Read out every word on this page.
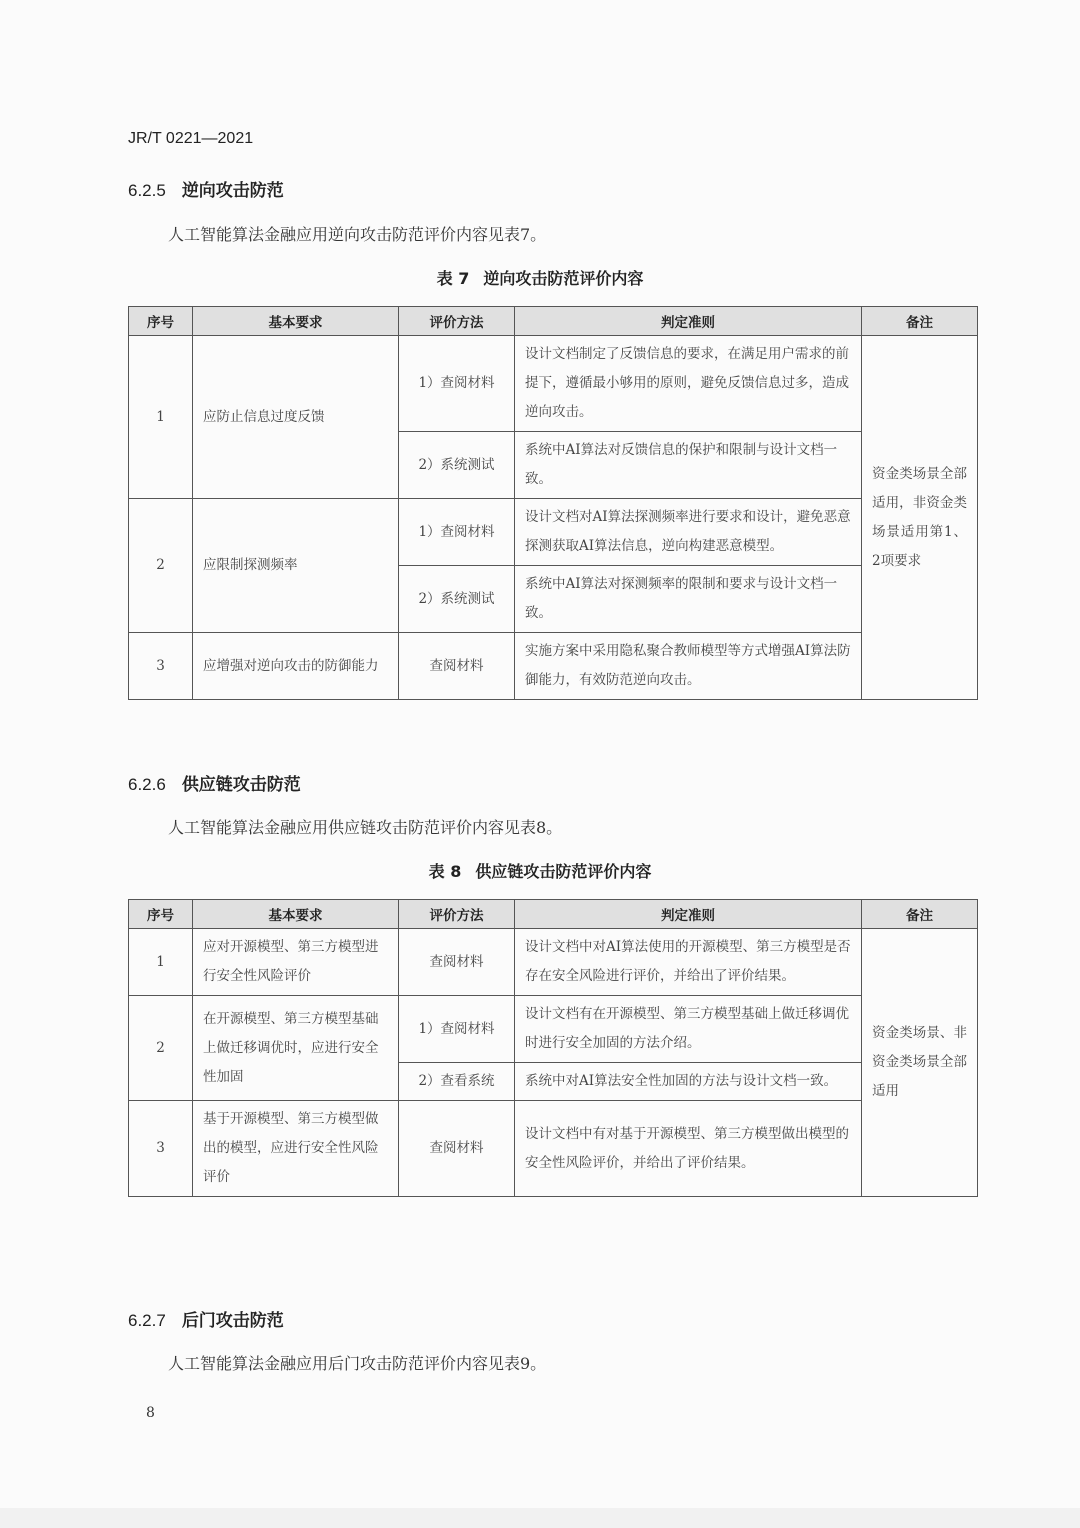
JR/T 0221—2021
6.2.5 逆向攻击防范
人工智能算法金融应用逆向攻击防范评价内容见表7。
表 7 逆向攻击防范评价内容
序号	基本要求	评价方法	判定准则	备注
1	应防止信息过度反馈	1）查阅材料	设计文档制定了反馈信息的要求，在满足用户需求的前提下，遵循最小够用的原则，避免反馈信息过多，造成逆向攻击。	资金类场景全部适用，非资金类场景适用第1、2项要求
		2）系统测试	系统中AI算法对反馈信息的保护和限制与设计文档一致。	
2	应限制探测频率	1）查阅材料	设计文档对AI算法探测频率进行要求和设计，避免恶意探测获取AI算法信息，逆向构建恶意模型。	
		2）系统测试	系统中AI算法对探测频率的限制和要求与设计文档一致。	
3	应增强对逆向攻击的防御能力	查阅材料	实施方案中采用隐私聚合教师模型等方式增强AI算法防御能力，有效防范逆向攻击。	
6.2.6 供应链攻击防范
人工智能算法金融应用供应链攻击防范评价内容见表8。
表 8 供应链攻击防范评价内容
序号	基本要求	评价方法	判定准则	备注
1	应对开源模型、第三方模型进行安全性风险评价	查阅材料	设计文档中对AI算法使用的开源模型、第三方模型是否存在安全风险进行评价，并给出了评价结果。	资金类场景、非资金类场景全部适用
2	在开源模型、第三方模型基础上做迁移调优时，应进行安全性加固	1）查阅材料	设计文档有在开源模型、第三方模型基础上做迁移调优时进行安全加固的方法介绍。	
		2）查看系统	系统中对AI算法安全性加固的方法与设计文档一致。	
3	基于开源模型、第三方模型做出的模型，应进行安全性风险评价	查阅材料	设计文档中有对基于开源模型、第三方模型做出模型的安全性风险评价，并给出了评价结果。	
6.2.7 后门攻击防范
人工智能算法金融应用后门攻击防范评价内容见表9。
8
